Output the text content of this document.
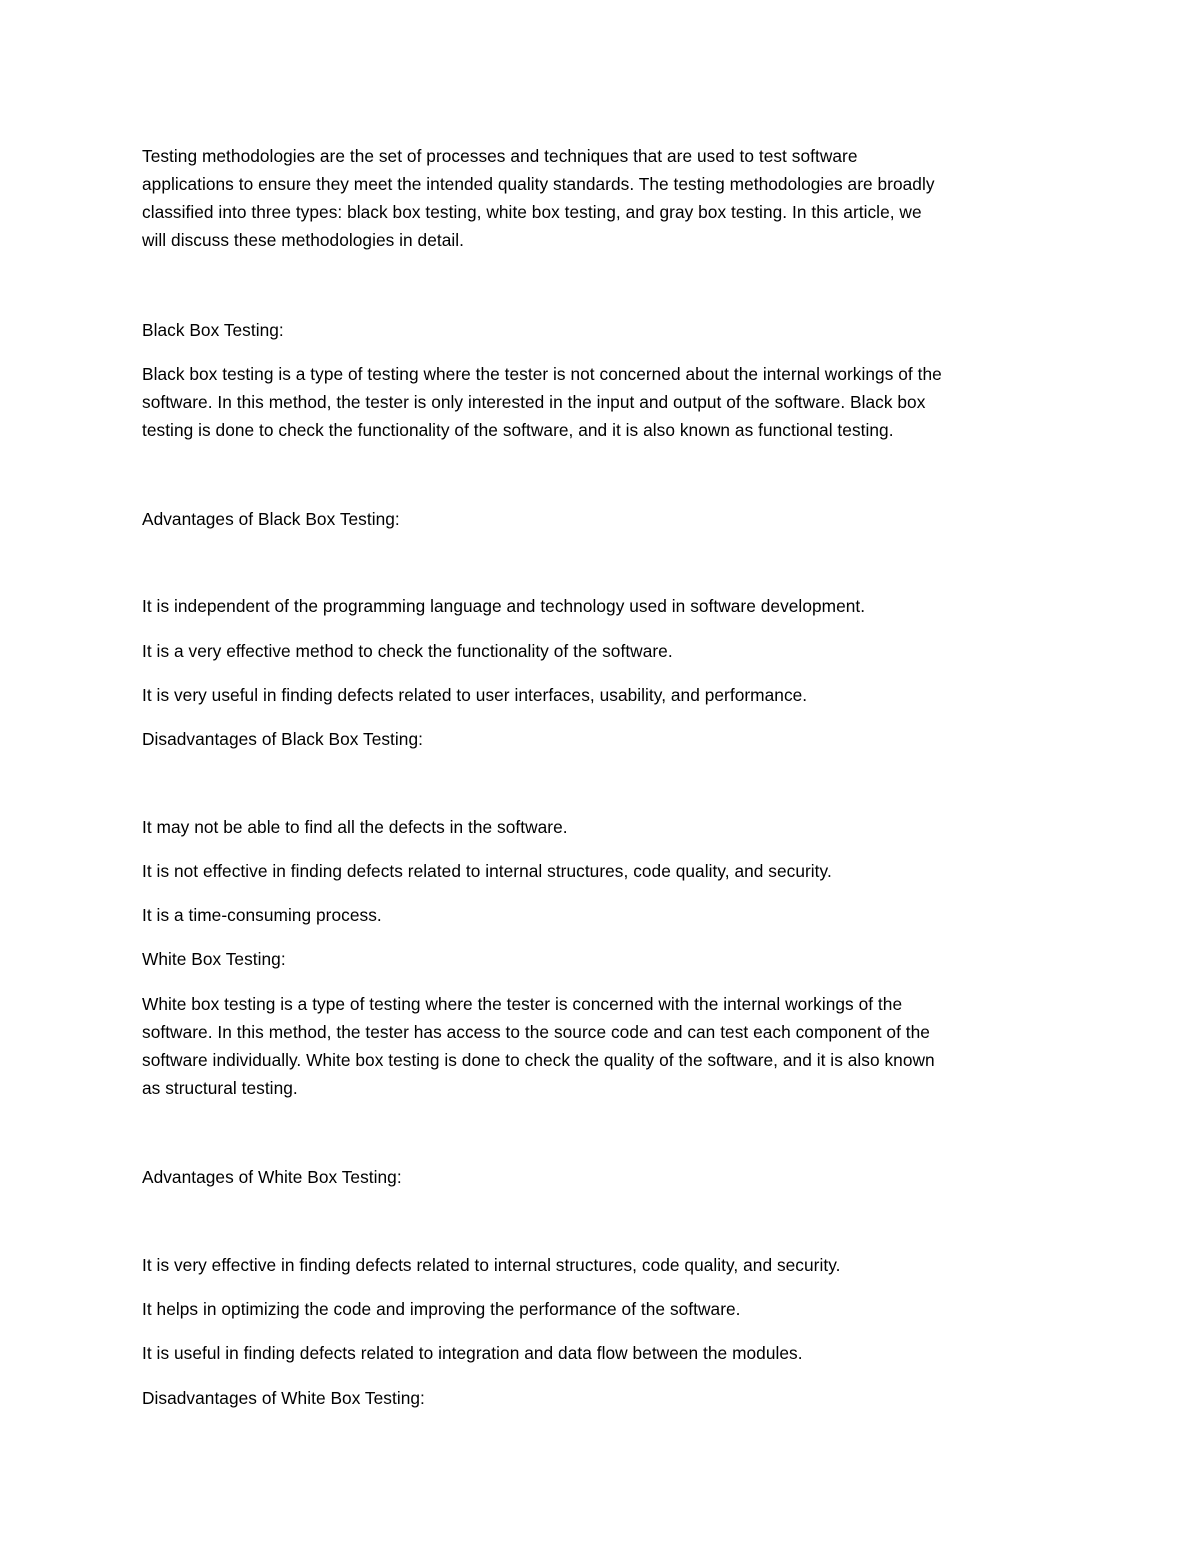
Testing methodologies are the set of processes and techniques that are used to test software
applications to ensure they meet the intended quality standards. The testing methodologies are broadly
classified into three types: black box testing, white box testing, and gray box testing. In this article, we
will discuss these methodologies in detail.
Black Box Testing:
Black box testing is a type of testing where the tester is not concerned about the internal workings of the
software. In this method, the tester is only interested in the input and output of the software. Black box
testing is done to check the functionality of the software, and it is also known as functional testing.
Advantages of Black Box Testing:
It is independent of the programming language and technology used in software development.
It is a very effective method to check the functionality of the software.
It is very useful in finding defects related to user interfaces, usability, and performance.
Disadvantages of Black Box Testing:
It may not be able to find all the defects in the software.
It is not effective in finding defects related to internal structures, code quality, and security.
It is a time-consuming process.
White Box Testing:
White box testing is a type of testing where the tester is concerned with the internal workings of the
software. In this method, the tester has access to the source code and can test each component of the
software individually. White box testing is done to check the quality of the software, and it is also known
as structural testing.
Advantages of White Box Testing:
It is very effective in finding defects related to internal structures, code quality, and security.
It helps in optimizing the code and improving the performance of the software.
It is useful in finding defects related to integration and data flow between the modules.
Disadvantages of White Box Testing:
